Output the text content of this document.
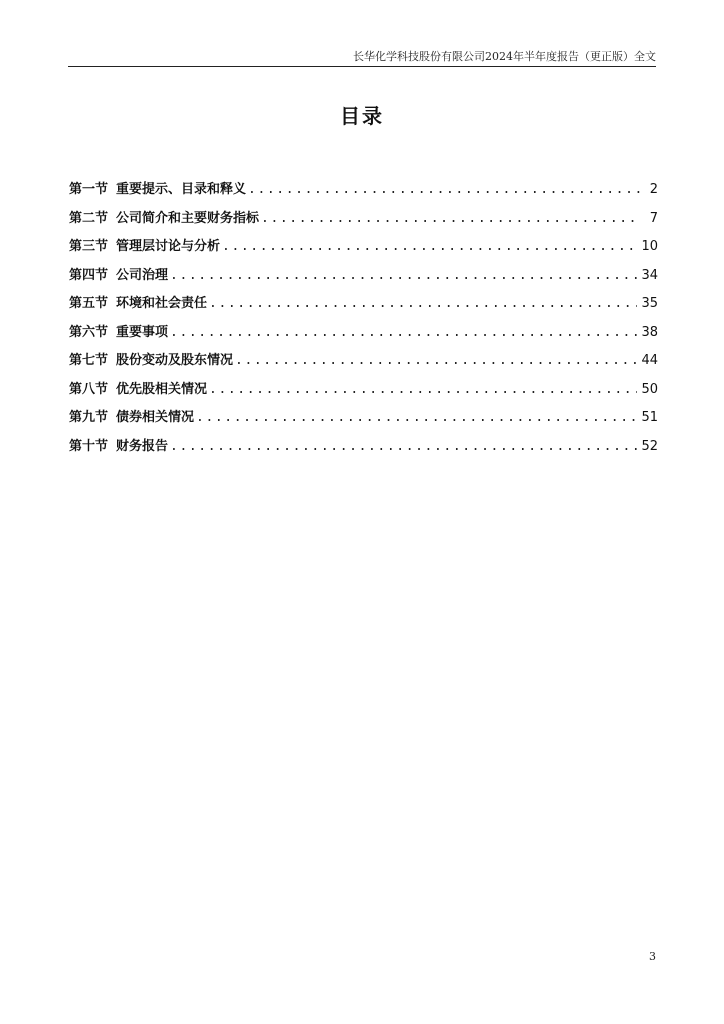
长华化学科技股份有限公司2024年半年度报告（更正版）全文
目录
第一节 重要提示、目录和释义 .....	2
第二节 公司简介和主要财务指标 .....	7
第三节 管理层讨论与分析 .....	10
第四节 公司治理 .....	34
第五节 环境和社会责任 .....	35
第六节 重要事项 .....	38
第七节 股份变动及股东情况 .....	44
第八节 优先股相关情况 .....	50
第九节 债券相关情况 .....	51
第十节 财务报告 .....	52
3
